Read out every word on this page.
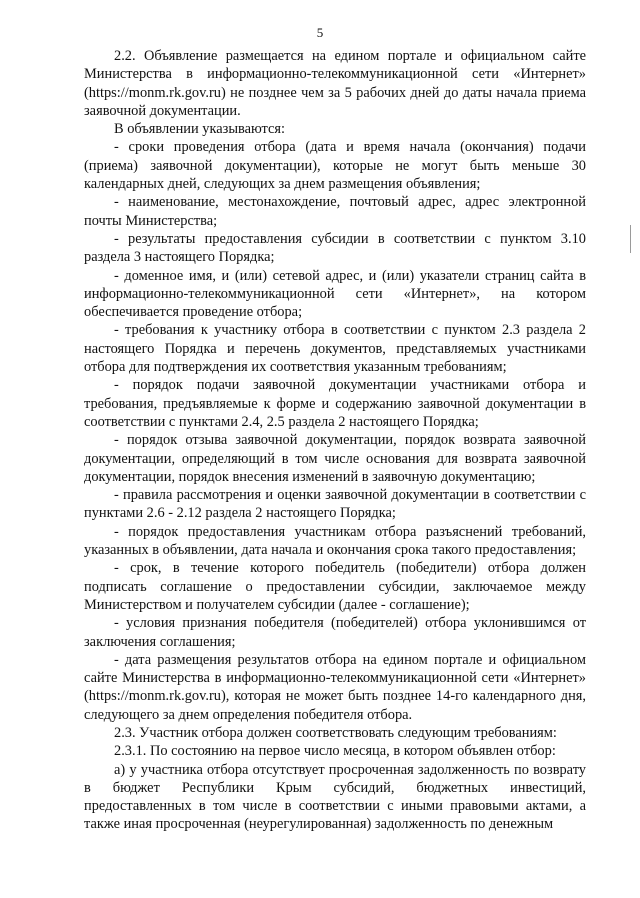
5

2.2. Объявление размещается на едином портале и официальном сайте Министерства в информационно-телекоммуникационной сети «Интернет» (https://monm.rk.gov.ru) не позднее чем за 5 рабочих дней до даты начала приема заявочной документации.

В объявлении указываются:

- сроки проведения отбора (дата и время начала (окончания) подачи (приема) заявочной документации), которые не могут быть меньше 30 календарных дней, следующих за днем размещения объявления;

- наименование, местонахождение, почтовый адрес, адрес электронной почты Министерства;

- результаты предоставления субсидии в соответствии с пунктом 3.10 раздела 3 настоящего Порядка;

- доменное имя, и (или) сетевой адрес, и (или) указатели страниц сайта в информационно-телекоммуникационной сети «Интернет», на котором обеспечивается проведение отбора;

- требования к участнику отбора в соответствии с пунктом 2.3 раздела 2 настоящего Порядка и перечень документов, представляемых участниками отбора для подтверждения их соответствия указанным требованиям;

- порядок подачи заявочной документации участниками отбора и требования, предъявляемые к форме и содержанию заявочной документации в соответствии с пунктами 2.4, 2.5 раздела 2 настоящего Порядка;

- порядок отзыва заявочной документации, порядок возврата заявочной документации, определяющий в том числе основания для возврата заявочной документации, порядок внесения изменений в заявочную документацию;

- правила рассмотрения и оценки заявочной документации в соответствии с пунктами 2.6 - 2.12 раздела 2 настоящего Порядка;

- порядок предоставления участникам отбора разъяснений требований, указанных в объявлении, дата начала и окончания срока такого предоставления;

- срок, в течение которого победитель (победители) отбора должен подписать соглашение о предоставлении субсидии, заключаемое между Министерством и получателем субсидии (далее - соглашение);

- условия признания победителя (победителей) отбора уклонившимся от заключения соглашения;

- дата размещения результатов отбора на едином портале и официальном сайте Министерства в информационно-телекоммуникационной сети «Интернет» (https://monm.rk.gov.ru), которая не может быть позднее 14-го календарного дня, следующего за днем определения победителя отбора.

2.3. Участник отбора должен соответствовать следующим требованиям:

2.3.1. По состоянию на первое число месяца, в котором объявлен отбор:

а) у участника отбора отсутствует просроченная задолженность по возврату в бюджет Республики Крым субсидий, бюджетных инвестиций, предоставленных в том числе в соответствии с иными правовыми актами, а также иная просроченная (неурегулированная) задолженность по денежным
